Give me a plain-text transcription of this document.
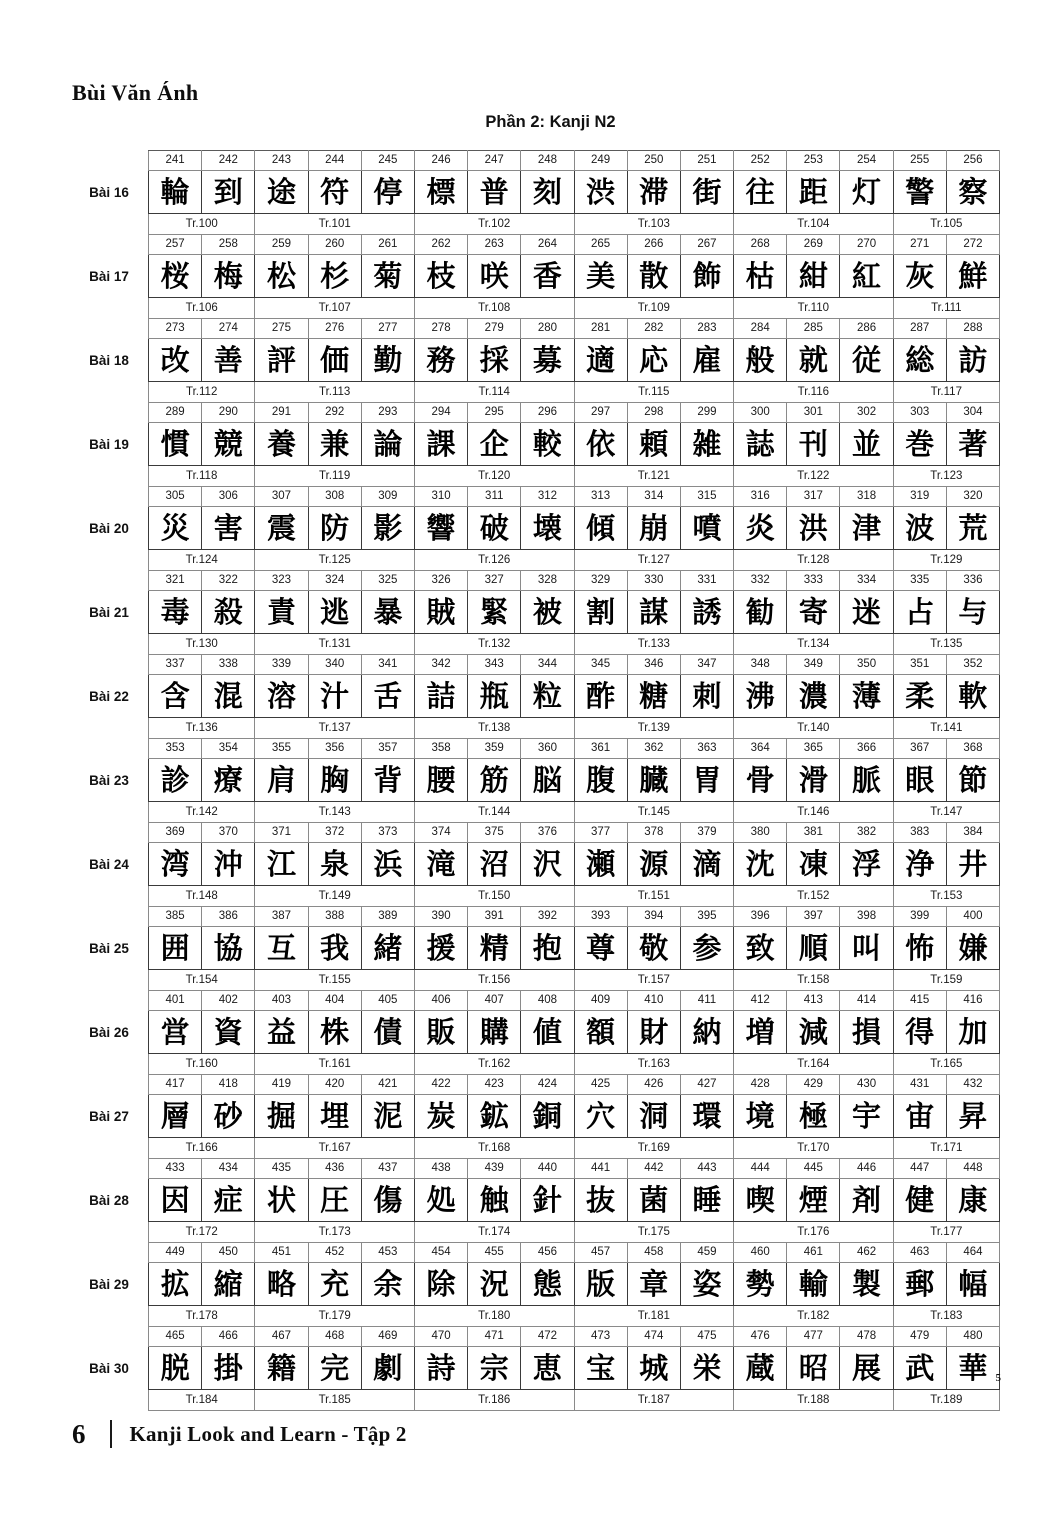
Bùi Văn Ánh
Phần 2: Kanji N2
	241	242	243	244	245	246	247	248	249	250	251	252	253	254	255	256
Bài 16	輪	到	途	符	停	標	普	刻	渋	滞	街	往	距	灯	警	察
	Tr.100		Tr.101			Tr.102			Tr.103			Tr.104			Tr.105	
	257	258	259	260	261	262	263	264	265	266	267	268	269	270	271	272
Bài 17	桜	梅	松	杉	菊	枝	咲	香	美	散	飾	枯	紺	紅	灰	鮮
	Tr.106		Tr.107			Tr.108			Tr.109			Tr.110			Tr.111	
	273	274	275	276	277	278	279	280	281	282	283	284	285	286	287	288
Bài 18	改	善	評	価	勤	務	採	募	適	応	雇	般	就	従	総	訪
	Tr.112		Tr.113			Tr.114			Tr.115			Tr.116			Tr.117	
	289	290	291	292	293	294	295	296	297	298	299	300	301	302	303	304
Bài 19	慣	競	養	兼	論	課	企	較	依	頼	雑	誌	刊	並	巻	著
	Tr.118		Tr.119			Tr.120			Tr.121			Tr.122			Tr.123	
	305	306	307	308	309	310	311	312	313	314	315	316	317	318	319	320
Bài 20	災	害	震	防	影	響	破	壊	傾	崩	噴	炎	洪	津	波	荒
	Tr.124		Tr.125			Tr.126			Tr.127			Tr.128			Tr.129	
	321	322	323	324	325	326	327	328	329	330	331	332	333	334	335	336
Bài 21	毒	殺	責	逃	暴	賊	緊	被	割	謀	誘	勧	寄	迷	占	与
	Tr.130		Tr.131			Tr.132			Tr.133			Tr.134			Tr.135	
	337	338	339	340	341	342	343	344	345	346	347	348	349	350	351	352
Bài 22	含	混	溶	汁	舌	詰	瓶	粒	酢	糖	刺	沸	濃	薄	柔	軟
	Tr.136		Tr.137			Tr.138			Tr.139			Tr.140			Tr.141	
	353	354	355	356	357	358	359	360	361	362	363	364	365	366	367	368
Bài 23	診	療	肩	胸	背	腰	筋	脳	腹	臓	胃	骨	滑	脈	眼	節
	Tr.142		Tr.143			Tr.144			Tr.145			Tr.146			Tr.147	
	369	370	371	372	373	374	375	376	377	378	379	380	381	382	383	384
Bài 24	湾	沖	江	泉	浜	滝	沼	沢	瀬	源	滴	沈	凍	浮	浄	井
	Tr.148		Tr.149			Tr.150			Tr.151			Tr.152			Tr.153	
	385	386	387	388	389	390	391	392	393	394	395	396	397	398	399	400
Bài 25	囲	協	互	我	緒	援	精	抱	尊	敬	参	致	順	叫	怖	嫌
	Tr.154		Tr.155			Tr.156			Tr.157			Tr.158			Tr.159	
	401	402	403	404	405	406	407	408	409	410	411	412	413	414	415	416
Bài 26	営	資	益	株	債	販	購	値	額	財	納	増	減	損	得	加
	Tr.160		Tr.161			Tr.162			Tr.163			Tr.164			Tr.165	
	417	418	419	420	421	422	423	424	425	426	427	428	429	430	431	432
Bài 27	層	砂	掘	埋	泥	炭	鉱	銅	穴	洞	環	境	極	宇	宙	昇
	Tr.166		Tr.167			Tr.168			Tr.169			Tr.170			Tr.171	
	433	434	435	436	437	438	439	440	441	442	443	444	445	446	447	448
Bài 28	因	症	状	圧	傷	処	触	針	抜	菌	睡	喫	煙	剤	健	康
	Tr.172		Tr.173			Tr.174			Tr.175			Tr.176			Tr.177	
	449	450	451	452	453	454	455	456	457	458	459	460	461	462	463	464
Bài 29	拡	縮	略	充	余	除	況	態	版	章	姿	勢	輸	製	郵	幅
	Tr.178		Tr.179			Tr.180			Tr.181			Tr.182			Tr.183	
	465	466	467	468	469	470	471	472	473	474	475	476	477	478	479	480
Bài 30	脱	掛	籍	完	劇	詩	宗	恵	宝	城	栄	蔵	昭	展	武	華
	Tr.184		Tr.185			Tr.186			Tr.187			Tr.188			Tr.189	
5
6 Kanji Look and Learn - Tập 2
